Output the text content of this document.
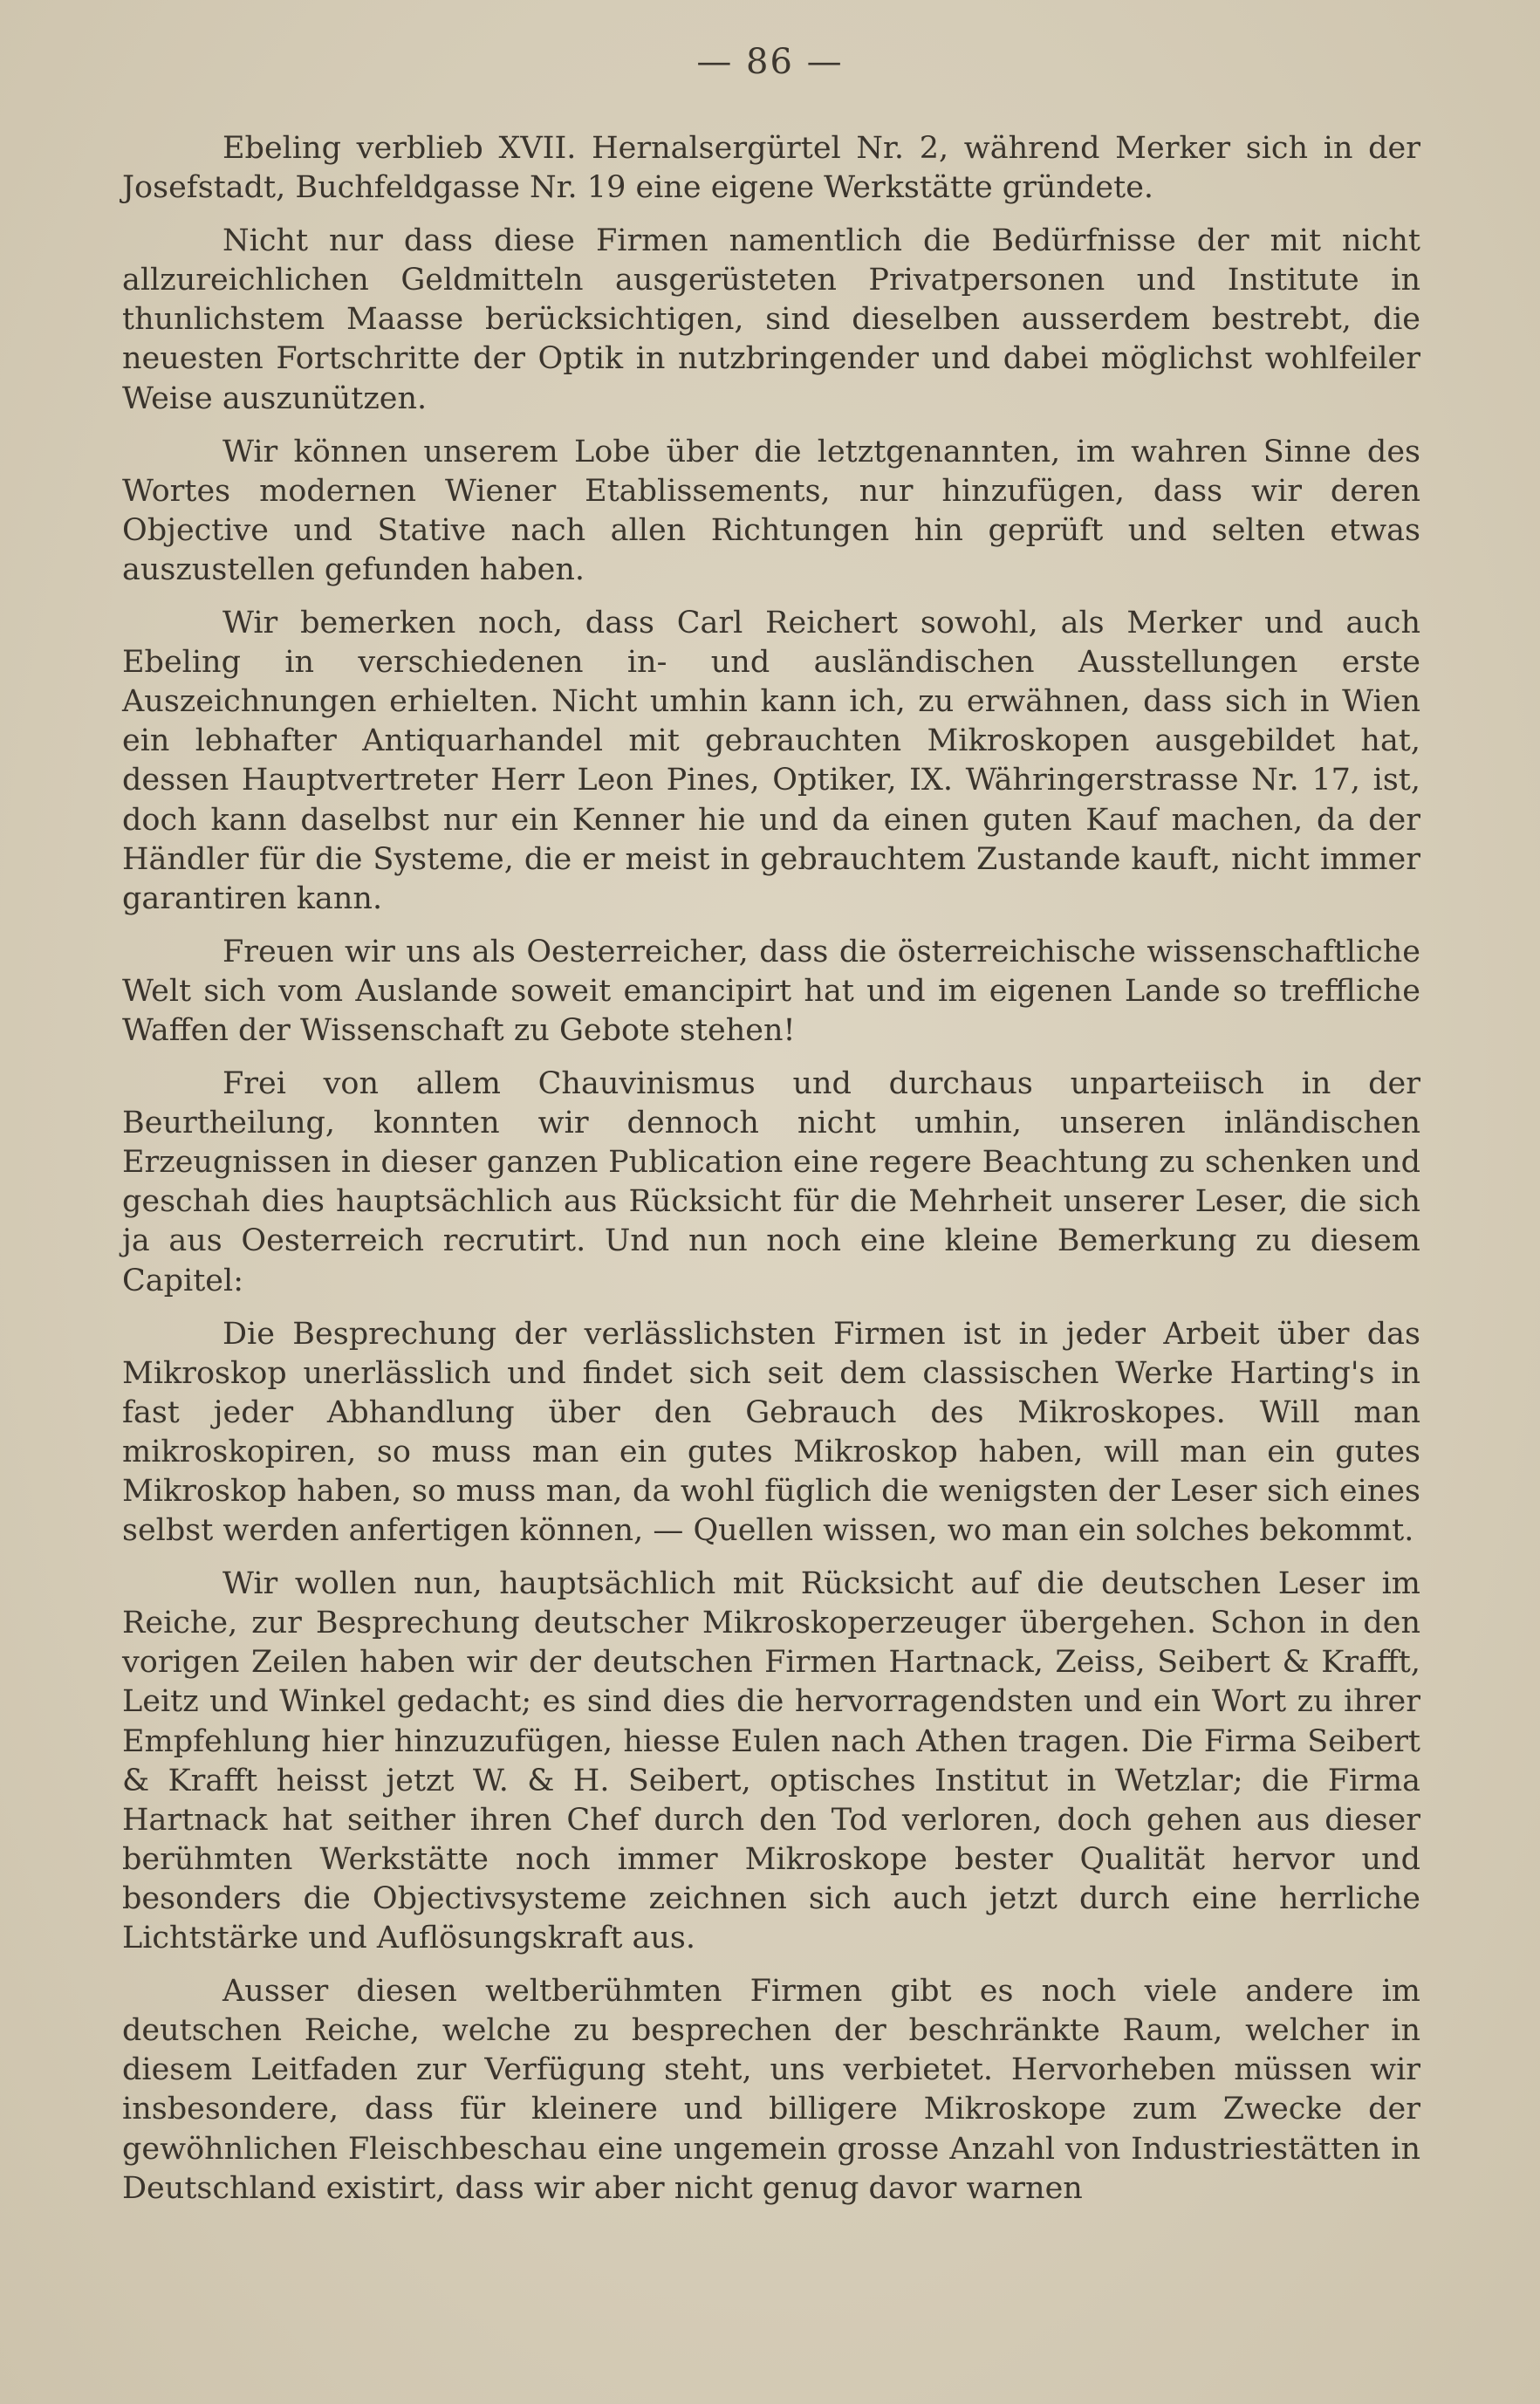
— 86 —

Ebeling verblieb XVII. Hernalsergürtel Nr. 2, während Merker sich in der Josefstadt, Buchfeldgasse Nr. 19 eine eigene Werkstätte gründete.

Nicht nur dass diese Firmen namentlich die Bedürfnisse der mit nicht allzureichlichen Geldmitteln ausgerüsteten Privatpersonen und Institute in thunlichstem Maasse berücksichtigen, sind dieselben ausserdem bestrebt, die neuesten Fortschritte der Optik in nutzbringender und dabei möglichst wohlfeiler Weise auszunützen.

Wir können unserem Lobe über die letztgenannten, im wahren Sinne des Wortes modernen Wiener Etablissements, nur hinzufügen, dass wir deren Objective und Stative nach allen Richtungen hin geprüft und selten etwas auszustellen gefunden haben.

Wir bemerken noch, dass Carl Reichert sowohl, als Merker und auch Ebeling in verschiedenen in- und ausländischen Ausstellungen erste Auszeichnungen erhielten. Nicht umhin kann ich, zu erwähnen, dass sich in Wien ein lebhafter Antiquarhandel mit gebrauchten Mikroskopen ausgebildet hat, dessen Hauptvertreter Herr Leon Pines, Optiker, IX. Währingerstrasse Nr. 17, ist, doch kann daselbst nur ein Kenner hie und da einen guten Kauf machen, da der Händler für die Systeme, die er meist in gebrauchtem Zustande kauft, nicht immer garantiren kann.

Freuen wir uns als Oesterreicher, dass die österreichische wissenschaftliche Welt sich vom Auslande soweit emancipirt hat und im eigenen Lande so treffliche Waffen der Wissenschaft zu Gebote stehen!

Frei von allem Chauvinismus und durchaus unparteiisch in der Beurtheilung, konnten wir dennoch nicht umhin, unseren inländischen Erzeugnissen in dieser ganzen Publication eine regere Beachtung zu schenken und geschah dies hauptsächlich aus Rücksicht für die Mehrheit unserer Leser, die sich ja aus Oesterreich recrutirt. Und nun noch eine kleine Bemerkung zu diesem Capitel:

Die Besprechung der verlässlichsten Firmen ist in jeder Arbeit über das Mikroskop unerlässlich und findet sich seit dem classischen Werke Harting's in fast jeder Abhandlung über den Gebrauch des Mikroskopes. Will man mikroskopiren, so muss man ein gutes Mikroskop haben, will man ein gutes Mikroskop haben, so muss man, da wohl füglich die wenigsten der Leser sich eines selbst werden anfertigen können, — Quellen wissen, wo man ein solches bekommt.

Wir wollen nun, hauptsächlich mit Rücksicht auf die deutschen Leser im Reiche, zur Besprechung deutscher Mikroskoperzeuger übergehen. Schon in den vorigen Zeilen haben wir der deutschen Firmen Hartnack, Zeiss, Seibert & Krafft, Leitz und Winkel gedacht; es sind dies die hervorragendsten und ein Wort zu ihrer Empfehlung hier hinzuzufügen, hiesse Eulen nach Athen tragen. Die Firma Seibert & Krafft heisst jetzt W. & H. Seibert, optisches Institut in Wetzlar; die Firma Hartnack hat seither ihren Chef durch den Tod verloren, doch gehen aus dieser berühmten Werkstätte noch immer Mikroskope bester Qualität hervor und besonders die Objectivsysteme zeichnen sich auch jetzt durch eine herrliche Lichtstärke und Auflösungskraft aus.

Ausser diesen weltberühmten Firmen gibt es noch viele andere im deutschen Reiche, welche zu besprechen der beschränkte Raum, welcher in diesem Leitfaden zur Verfügung steht, uns verbietet. Hervorheben müssen wir insbesondere, dass für kleinere und billigere Mikroskope zum Zwecke der gewöhnlichen Fleischbeschau eine ungemein grosse Anzahl von Industriestätten in Deutschland existirt, dass wir aber nicht genug davor warnen
